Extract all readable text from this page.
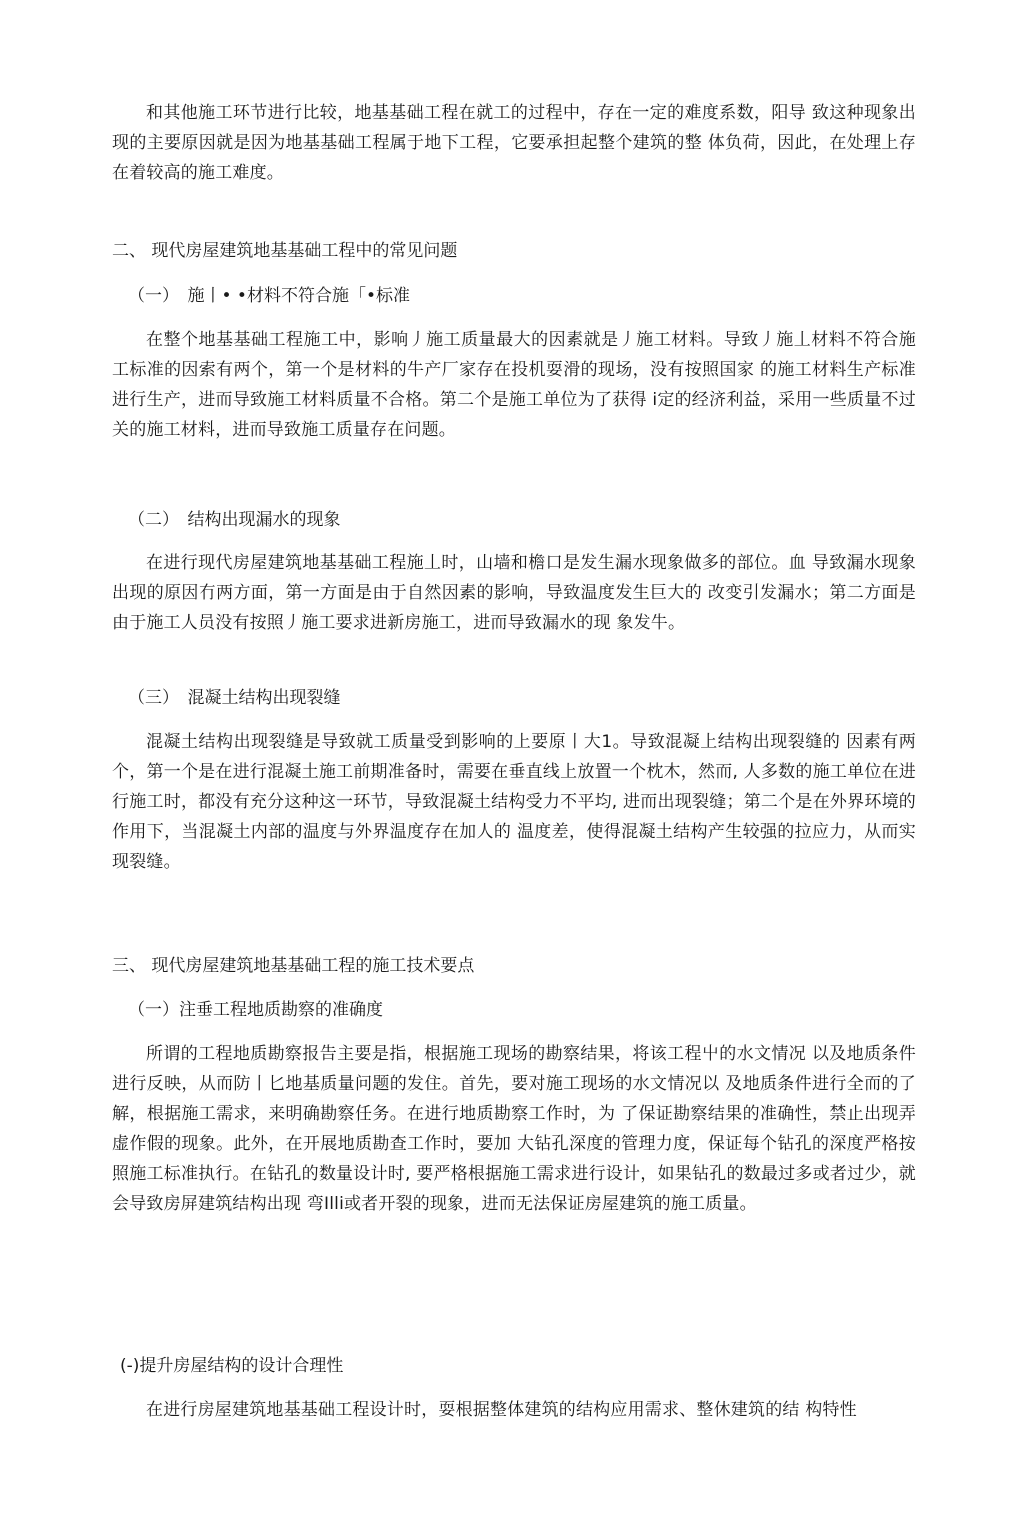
和其他施工环节进行比较，地基基础工程在就工的过程中，存在一定的难度系数，阳导 致这种现象出现的主要原因就是因为地基基础工程属于地下工程，它要承担起整个建筑的整 体负荷，因此，在处理上存在着较高的施工难度。

二、 现代房屋建筑地基基础工程中的常见问题

（一）　施丨• •材料不符合施「•标准

在整个地基基础工程施工中，影响丿施工质量最大的因素就是丿施工材料。导致丿施丄材料不符合施工标准的因索有两个，第一个是材料的牛产厂家存在投机耍滑的现场，没有按照国家 的施工材料生产标准进行生产，进而导致施工材料质量不合格。第二个是施工单位为了获得 i定的经济利益，采用一些质量不过关的施工材料，进而导致施工质量存在问题。

（二）　结构出现漏水的现象

在进行现代房屋建筑地基基础工程施丄时，山墙和檐口是发生漏水现象做多的部位。血 导致漏水现象出现的原因冇两方面，第一方面是由于自然因素的影响，导致温度发生巨大的 改变引发漏水；第二方面是由于施工人员没有按照丿施工要求进新房施工，进而导致漏水的现 象发牛。

（三）　混凝土结构出现裂缝

混凝土结构出现裂缝是导致就工质量受到影响的上要原丨大1。导致混凝上结构出现裂缝的 因素有两个，第一个是在进行混凝土施工前期准备时，需要在垂直线上放置一个枕木，然而, 人多数的施工单位在进行施工时，都没有充分这种这一环节，导致混凝土结构受力不平均, 进而出现裂缝；第二个是在外界环境的作用下，当混凝土内部的温度与外界温度存在加人的 温度差，使得混凝土结构产生较强的拉应力，从而实现裂缝。

三、 现代房屋建筑地基基础工程的施工技术要点

（一）注垂工程地质勘察的准确度

所谓的工程地质勘察报告主要是指，根据施工现场的勘察结果，将该工程屮的水文情况 以及地质条件进行反映，从而防丨匕地基质量问题的发住。首先，要对施工现场的水文情况以 及地质条件进行全而的了解，根据施工需求，来明确勘察任务。在进行地质勘察工作时，为 了保证勘察结果的准确性，禁止出现弄虚作假的现象。此外，在开展地质勘查工作时，要加 大钻孔深度的管理力度，保证每个钻孔的深度严格按照施工标准执行。在钻孔的数量设计时, 要严格根据施工需求进行设计，如果钻孔的数最过多或者过少，就会导致房屏建筑结构出现 弯Illi或者开裂的现象，进而无法保证房屋建筑的施工质量。

(-)提升房屋结构的设计合理性

在进行房屋建筑地基基础工程设计时，耍根据整体建筑的结构应用需求、整休建筑的结 构特性
